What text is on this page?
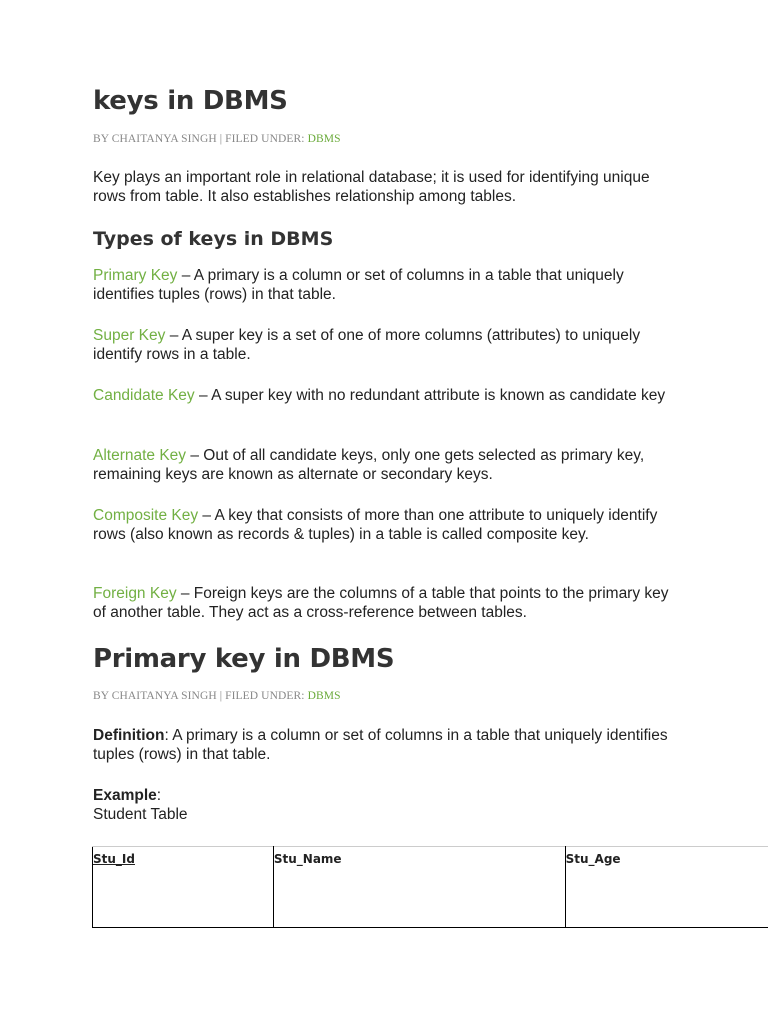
keys in DBMS
BY CHAITANYA SINGH | FILED UNDER: DBMS

Key plays an important role in relational database; it is used for identifying unique rows from table. It also establishes relationship among tables.

Types of keys in DBMS

Primary Key – A primary is a column or set of columns in a table that uniquely identifies tuples (rows) in that table.

Super Key – A super key is a set of one of more columns (attributes) to uniquely identify rows in a table.

Candidate Key – A super key with no redundant attribute is known as candidate key

Alternate Key – Out of all candidate keys, only one gets selected as primary key, remaining keys are known as alternate or secondary keys.

Composite Key – A key that consists of more than one attribute to uniquely identify rows (also known as records & tuples) in a table is called composite key.

Foreign Key – Foreign keys are the columns of a table that points to the primary key of another table. They act as a cross-reference between tables.

Primary key in DBMS
BY CHAITANYA SINGH | FILED UNDER: DBMS

Definition: A primary is a column or set of columns in a table that uniquely identifies tuples (rows) in that table.

Example:
Student Table

Stu_Id	Stu_Name	Stu_Age
